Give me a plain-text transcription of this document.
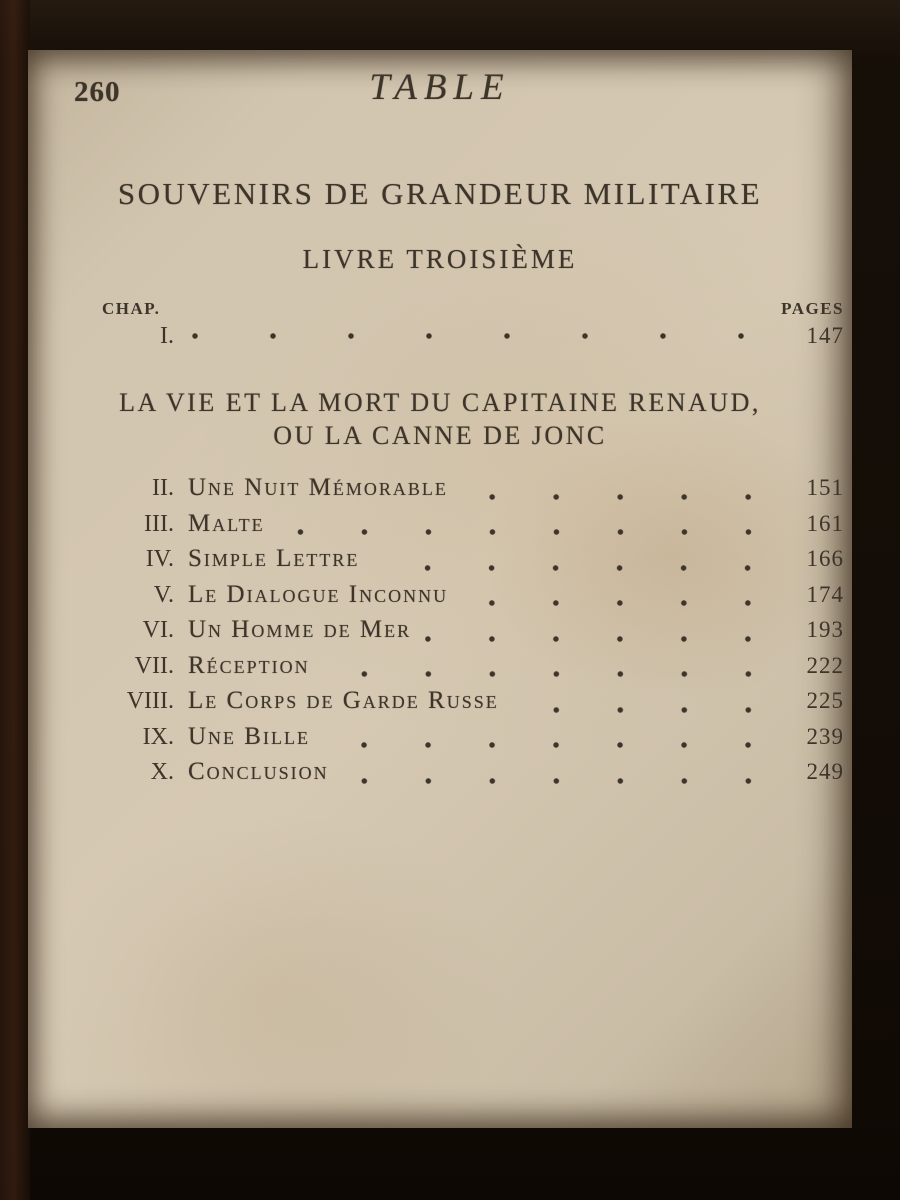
260	TABLE
SOUVENIRS DE GRANDEUR MILITAIRE
LIVRE TROISIÈME
CHAP.	PAGES
I.	147
LA VIE ET LA MORT DU CAPITAINE RENAUD,
OU LA CANNE DE JONC
II. Une Nuit Mémorable	151
III. Malte	161
IV. Simple Lettre	166
V. Le Dialogue Inconnu	174
VI. Un Homme de Mer	193
VII. Réception	222
VIII. Le Corps de Garde Russe	225
IX. Une Bille	239
X. Conclusion	249
